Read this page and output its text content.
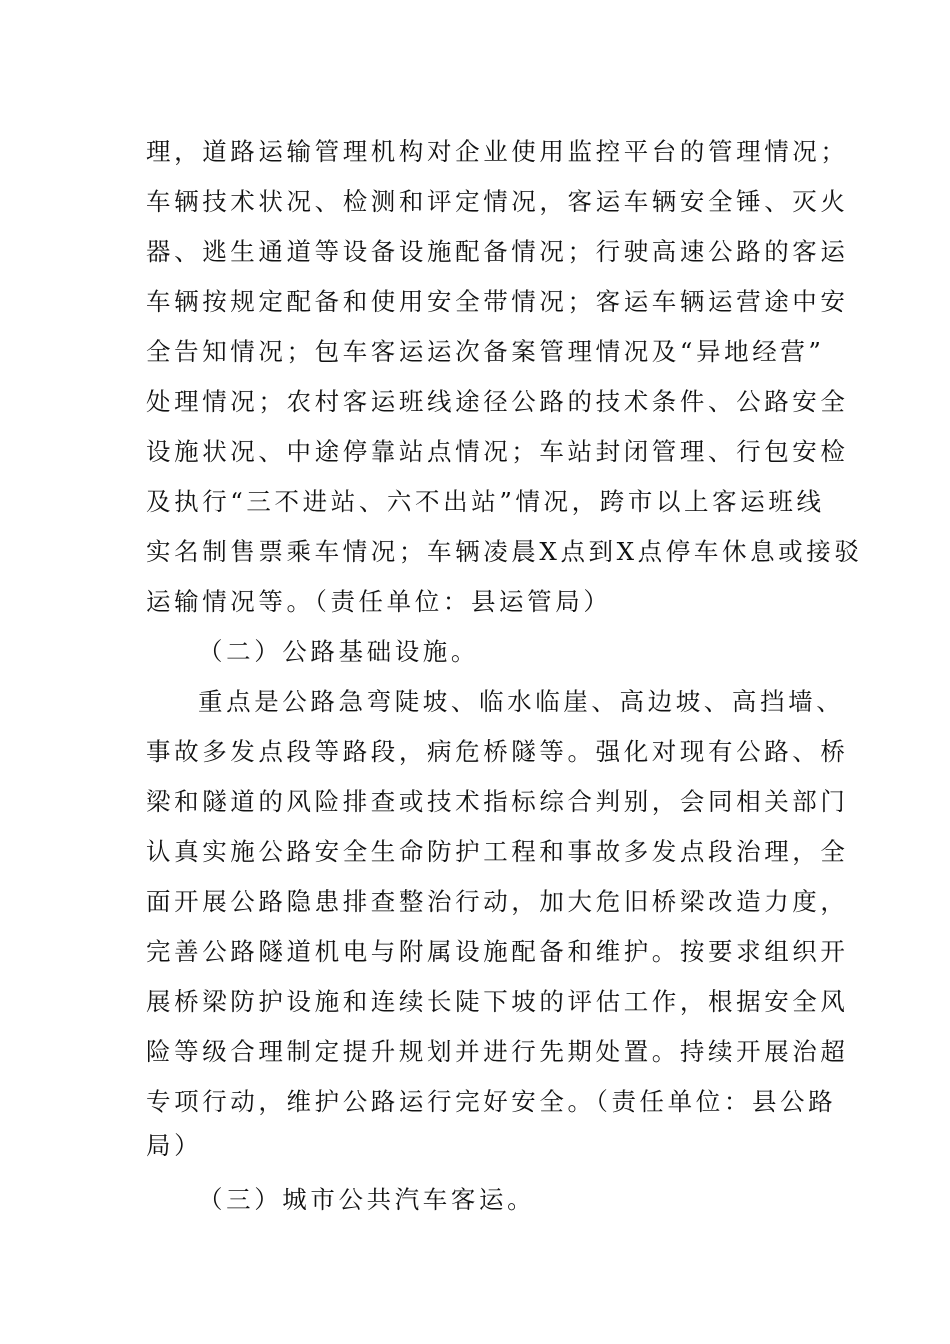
理，道路运输管理机构对企业使用监控平台的管理情况；
车辆技术状况、检测和评定情况，客运车辆安全锤、灭火
器、逃生通道等设备设施配备情况；行驶高速公路的客运
车辆按规定配备和使用安全带情况；客运车辆运营途中安
全告知情况；包车客运运次备案管理情况及“异地经营”
处理情况；农村客运班线途径公路的技术条件、公路安全
设施状况、中途停靠站点情况；车站封闭管理、行包安检
及执行“三不进站、六不出站”情况，跨市以上客运班线
实名制售票乘车情况；车辆凌晨X点到X点停车休息或接驳
运输情况等。（责任单位：县运管局）
（二）公路基础设施。
重点是公路急弯陡坡、临水临崖、高边坡、高挡墙、
事故多发点段等路段，病危桥隧等。强化对现有公路、桥
梁和隧道的风险排查或技术指标综合判别，会同相关部门
认真实施公路安全生命防护工程和事故多发点段治理，全
面开展公路隐患排查整治行动，加大危旧桥梁改造力度，
完善公路隧道机电与附属设施配备和维护。按要求组织开
展桥梁防护设施和连续长陡下坡的评估工作，根据安全风
险等级合理制定提升规划并进行先期处置。持续开展治超
专项行动，维护公路运行完好安全。（责任单位：县公路
局）
（三）城市公共汽车客运。
